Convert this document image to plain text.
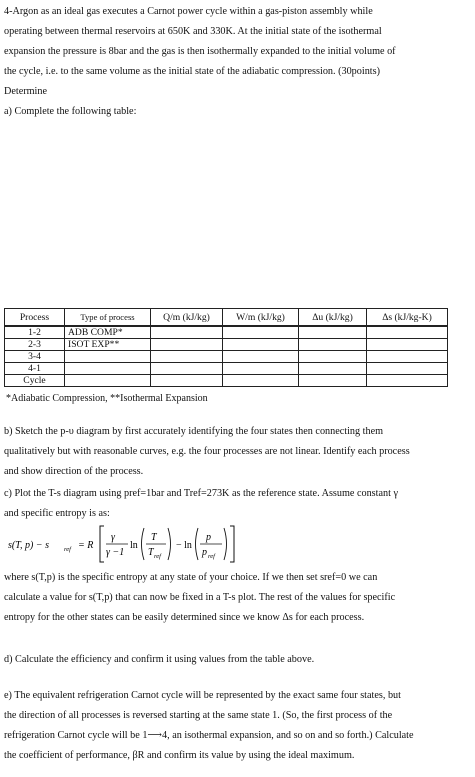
4-Argon as an ideal gas executes a Carnot power cycle within a gas-piston assembly while
operating between thermal reservoirs at 650K and 330K. At the initial state of the isothermal
expansion the pressure is 8bar and the gas is then isothermally expanded to the initial volume of
the cycle, i.e. to the same volume as the initial state of the adiabatic compression. (30points)
Determine
a) Complete the following table:
Process	Type of process	Q/m (kJ/kg)	W/m (kJ/kg)	Δu (kJ/kg)	Δs (kJ/kg-K)
1-2	ADB COMP*				
2-3	ISOT EXP**				
3-4					
4-1					
Cycle					
*Adiabatic Compression, **Isothermal Expansion
b) Sketch the p-υ diagram by first accurately identifying the four states then connecting them
qualitatively but with reasonable curves, e.g. the four processes are not linear. Identify each process
and show direction of the process.
c) Plot the T-s diagram using pref=1bar and Tref=273K as the reference state. Assume constant γ
and specific entropy is as:
s(T, p) − s ref = R
γ
γ −1
ln
T
T ref
− ln
p
p ref
where s(T,p) is the specific entropy at any state of your choice. If we then set sref=0 we can
calculate a value for s(T,p) that can now be fixed in a T-s plot. The rest of the values for specific
entropy for the other states can be easily determined since we know Δs for each process.
d) Calculate the efficiency and confirm it using values from the table above.
e) The equivalent refrigeration Carnot cycle will be represented by the exact same four states, but
the direction of all processes is reversed starting at the same state 1. (So, the first process of the
refrigeration Carnot cycle will be 1⟶4, an isothermal expansion, and so on and so forth.) Calculate
the coefficient of performance, βR and confirm its value by using the ideal maximum.
